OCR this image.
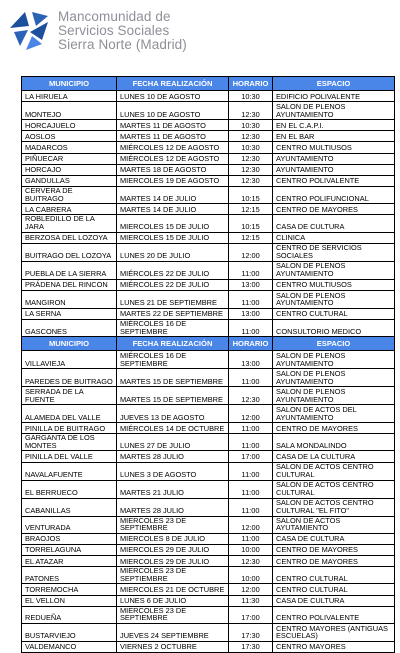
Mancomunidad de
Servicios Sociales
Sierra Norte (Madrid)
MUNICIPIO	FECHA REALIZACIÓN	HORARIO	ESPACIO
LA HIRUELA	LUNES 10 DE AGOSTO	10:30	EDIFICIO POLIVALENTE
MONTEJO	LUNES 10 DE AGOSTO	12:30	SALON DE PLENOS AYUNTAMIENTO
HORCAJUELO	MARTES 11 DE AGOSTO	10:30	EN EL C.A.P.I.
AOSLOS	MARTES 11 DE AGOSTO	12:30	EN EL BAR
MADARCOS	MIÉRCOLES 12 DE AGOSTO	10:30	CENTRO MULTIUSOS
PIÑUECAR	MIÉRCOLES 12 DE AGOSTO	12:30	AYUNTAMIENTO
HORCAJO	MARTES 18 DE AGOSTO	12:30	AYUNTAMIENTO
GANDULLAS	MIERCOLES 19 DE AGOSTO	12:30	CENTRO POLIVALENTE
CERVERA DE BUITRAGO	MARTES 14 DE JULIO	10:15	CENTRO POLIFUNCIONAL
LA CABRERA	MARTES 14 DE JULIO	12:15	CENTRO DE MAYORES
ROBLEDILLO DE LA JARA	MIERCOLES 15 DE JULIO	10:15	CASA DE CULTURA
BERZOSA DEL LOZOYA	MIERCOLES 15 DE JULIO	12:15	CLINICA
BUITRAGO DEL LOZOYA	LUNES 20 DE JULIO	12:00	CENTRO DE SERVICIOS SOCIALES
PUEBLA DE LA SIERRA	MIÉRCOLES 22 DE JULIO	11:00	SALON DE PLENOS AYUNTAMIENTO
PRÁDENA DEL RINCON	MIÉRCOLES 22 DE JULIO	13:00	CENTRO MULTIUSOS
MANGIRON	LUNES 21 DE SEPTIEMBRE	11:00	SALON DE PLENOS AYUNTAMIENTO
LA SERNA	MARTES 22 DE SEPTIEMBRE	13:00	CENTRO CULTURAL
GASCONES	MIÉRCOLES 16 DE SEPTIEMBRE	11:00	CONSULTORIO MEDICO
MUNICIPIO	FECHA REALIZACIÓN	HORARIO	ESPACIO
VILLAVIEJA	MIÉRCOLES 16 DE SEPTIEMBRE	13:00	SALON DE PLENOS AYUNTAMIENTO
PAREDES DE BUITRAGO	MARTES 15 DE SEPTIEMBRE	11:00	SALON DE PLENOS AYUNTAMIENTO
SERRADA DE LA FUENTE	MARTES 15 DE SEPTIEMBRE	12:30	SALON DE PLENOS AYUNTAMIENTO
ALAMEDA DEL VALLE	JUEVES 13 DE AGOSTO	12:00	SALON DE ACTOS DEL AYUNTAMIENTO
PINILLA DE BUITRAGO	MIÉRCOLES 14 DE OCTUBRE	11:00	CENTRO DE MAYORES
GARGANTA DE LOS MONTES	LUNES 27 DE JULIO	11:00	SALA MONDALINDO
PINILLA DEL VALLE	MARTES 28 JULIO	17:00	CASA DE LA CULTURA
NAVALAFUENTE	LUNES 3 DE AGOSTO	11:00	SALON DE ACTOS CENTRO CULTURAL
EL BERRUECO	MARTES 21 JULIO	11:00	SALON DE ACTOS CENTRO CULTURAL
CABANILLAS	MARTES 28 JULIO	11:00	SALON DE ACTOS CENTRO CULTURAL "EL FITO"
VENTURADA	MIERCOLES 23 DE SEPTIEMBRE	12:00	SALON DE ACTOS AYUTAMIENTO
BRAOJOS	MIERCOLES 8 DE JULIO	11:00	CASA DE CULTURA
TORRELAGUNA	MIERCOLES 29 DE JULIO	10:00	CENTRO DE MAYORES
EL ATAZAR	MIERCOLES 29 DE JULIO	12:30	CENTRO DE MAYORES
PATONES	MIERCOLES 23 DE SEPTIEMBRE	10:00	CENTRO CULTURAL
TORREMOCHA	MIERCOLES 21 DE OCTUBRE	12:00	CENTRO CULTURAL
EL VELLON	LUNES 6 DE JULIO	11:30	CASA DE CULTURA
REDUEÑA	MIERCOLES 23 DE SEPTIEMBRE	17:00	CENTRO POLIVALENTE
BUSTARVIEJO	JUEVES 24 SEPTIEMBRE	17:30	CENTRO MAYORES (ANTIGUAS ESCUELAS)
VALDEMANCO	VIERNES 2 OCTUBRE	17:30	CENTRO MAYORES
